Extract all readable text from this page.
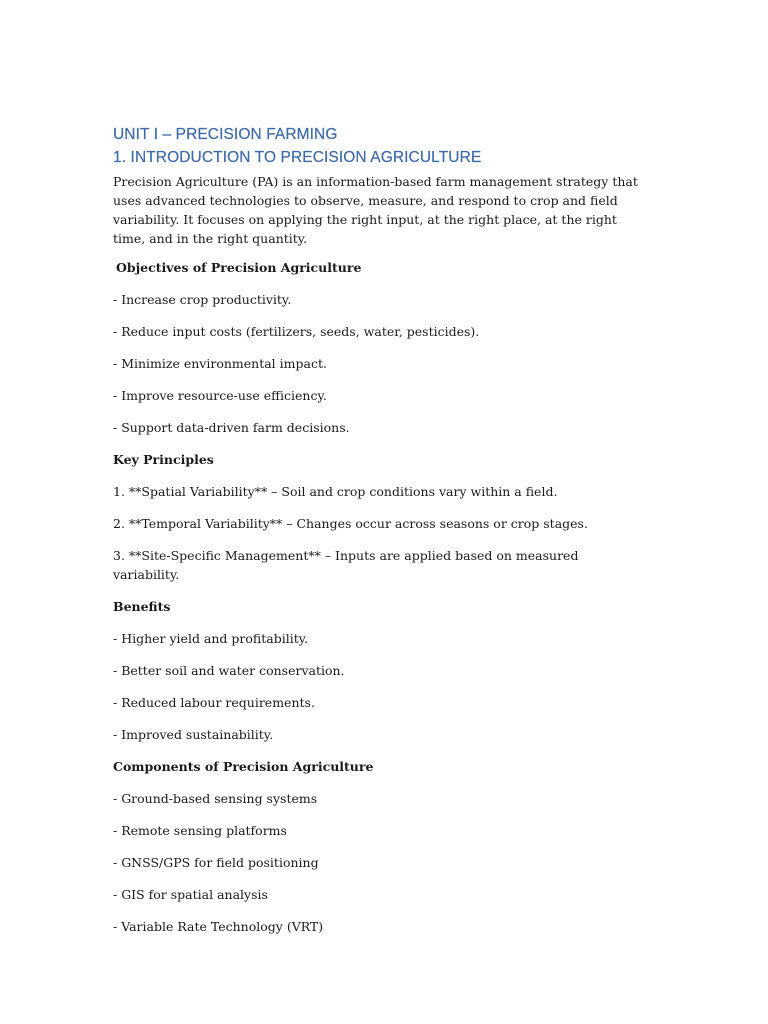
UNIT I – PRECISION FARMING
1. INTRODUCTION TO PRECISION AGRICULTURE

Precision Agriculture (PA) is an information-based farm management strategy that uses advanced technologies to observe, measure, and respond to crop and field variability. It focuses on applying the right input, at the right place, at the right time, and in the right quantity.

Objectives of Precision Agriculture

- Increase crop productivity.

- Reduce input costs (fertilizers, seeds, water, pesticides).

- Minimize environmental impact.

- Improve resource-use efficiency.

- Support data-driven farm decisions.

Key Principles

1. **Spatial Variability** – Soil and crop conditions vary within a field.

2. **Temporal Variability** – Changes occur across seasons or crop stages.

3. **Site-Specific Management** – Inputs are applied based on measured variability.

Benefits

- Higher yield and profitability.

- Better soil and water conservation.

- Reduced labour requirements.

- Improved sustainability.

Components of Precision Agriculture

- Ground-based sensing systems

- Remote sensing platforms

- GNSS/GPS for field positioning

- GIS for spatial analysis

- Variable Rate Technology (VRT)
